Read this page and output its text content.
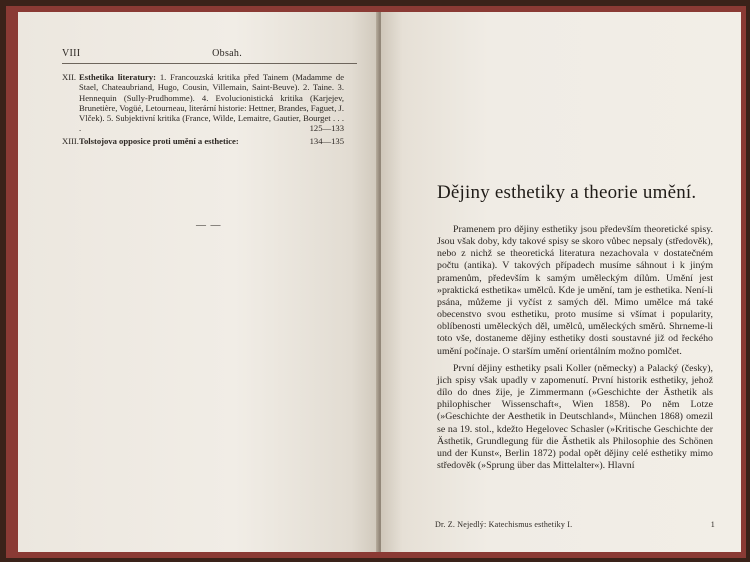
VIII	Obsah.
XII. Esthetika literatury: 1. Francouzská kritika před Tainem (Madamme de Stael, Chateaubriand, Hugo, Cousin, Villemain, Saint-Beuve). 2. Taine. 3. Hennequin (Sully-Prudhomme). 4. Evolucionistická kritika (Karjejev, Brunetière, Vogüé, Letourneau, literární historie: Hettner, Brandes, Faguet, J. Vlček). 5. Subjektivní kritika (France, Wilde, Lemaitre, Gautier, Bourget . . . .	125—133
XIII. Tolstojova opposice proti umění a esthetice:	134—135
— —
Dějiny esthetiky a theorie umění.

Pramenem pro dějiny esthetiky jsou především theoretické spisy. Jsou však doby, kdy takové spisy se skoro vůbec nepsaly (středověk), nebo z nichž se theoretická literatura nezachovala v dostatečném počtu (antika). V takových případech musíme sáhnout i k jiným pramenům, především k samým uměleckým dílům. Umění jest »praktická esthetika« umělců. Kde je umění, tam je esthetika. Není-li psána, můžeme ji vyčíst z samých děl. Mimo umělce má také obecenstvo svou esthetiku, proto musíme si všímat i popularity, oblíbenosti uměleckých děl, umělců, uměleckých směrů. Shrneme-li toto vše, dostaneme dějiny esthetiky dosti soustavné již od řeckého umění počínaje. O starším umění orientálním možno pomlčet.

První dějiny esthetiky psali Koller (německy) a Palacký (česky), jich spisy však upadly v zapomenutí. První historik esthetiky, jehož dílo do dnes žije, je Zimmermann (»Geschichte der Ästhetik als philophischer Wissenschaft«, Wien 1858). Po něm Lotze (»Geschichte der Aesthetik in Deutschland«, München 1868) omezil se na 19. stol., kdežto Hegelovec Schasler (»Kritische Geschichte der Ästhetik, Grundlegung für die Ästhetik als Philosophie des Schönen und der Kunst«, Berlin 1872) podal opět dějiny celé esthetiky mimo středověk (»Sprung über das Mittelalter«). Hlavní

Dr. Z. Nejedlý: Katechismus esthetiky I.	1
